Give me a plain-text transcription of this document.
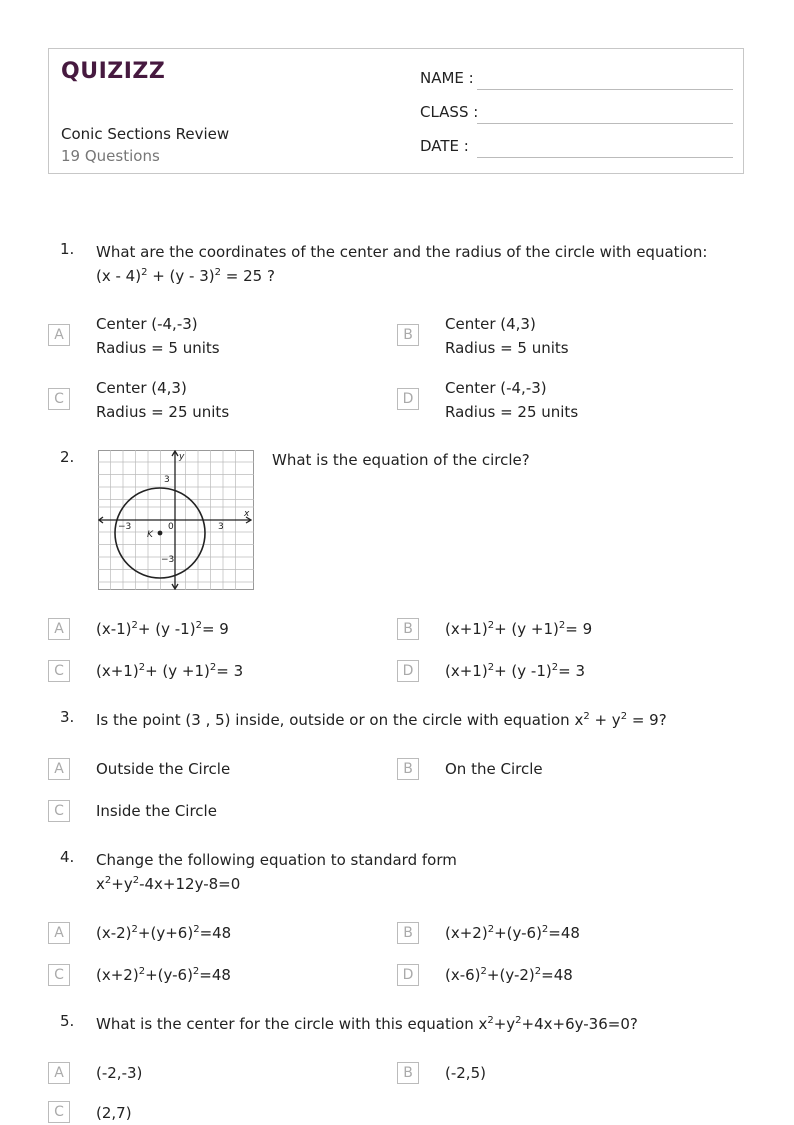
QUIZIZZ
Conic Sections Review
19 Questions
NAME :
CLASS :
DATE :
1. What are the coordinates of the center and the radius of the circle with equation:
(x - 4)$^2$ + (y - 3)$^2$ = 25 ?
A
Center (-4,-3)
Radius = 5 units
B
Center (4,3)
Radius = 5 units
C
Center (4,3)
Radius = 25 units
D
Center (-4,-3)
Radius = 25 units
2.	y
x
K
3
−3	0	3
−3
What is the equation of the circle?
A	$(x-1)^2+ (y$ -1)$^2$= 9	B	$(x+1)^2+ (y +1)^2= 9$
C	$(x+1)^2+ (y +1)^2= 3$	D	$(x+1)^2+ (y$ -1)$^2$= 3
3. Is the point (3 , 5) inside, outside or on the circle with equation $x^2 + y^2 = 9$?
A	Outside the Circle	B	On the Circle
C	Inside the Circle
4. Change the following equation to standard form
$x^2+y^2-4x+12y-8=0$
A	$(x-2)^2+(y+6)^2=48$	B	$(x+2)^2+(y-6)^2=48$
C	$(x+2)^2+(y-6)^2=48$	D	$(x-6)^2+(y-2)^2=48$
5. What is the center for the circle with this equation $x^2+y^2+4x+6y-36=0$?
A	(-2,-3)	B	(-2,5)
C	(2,7)
